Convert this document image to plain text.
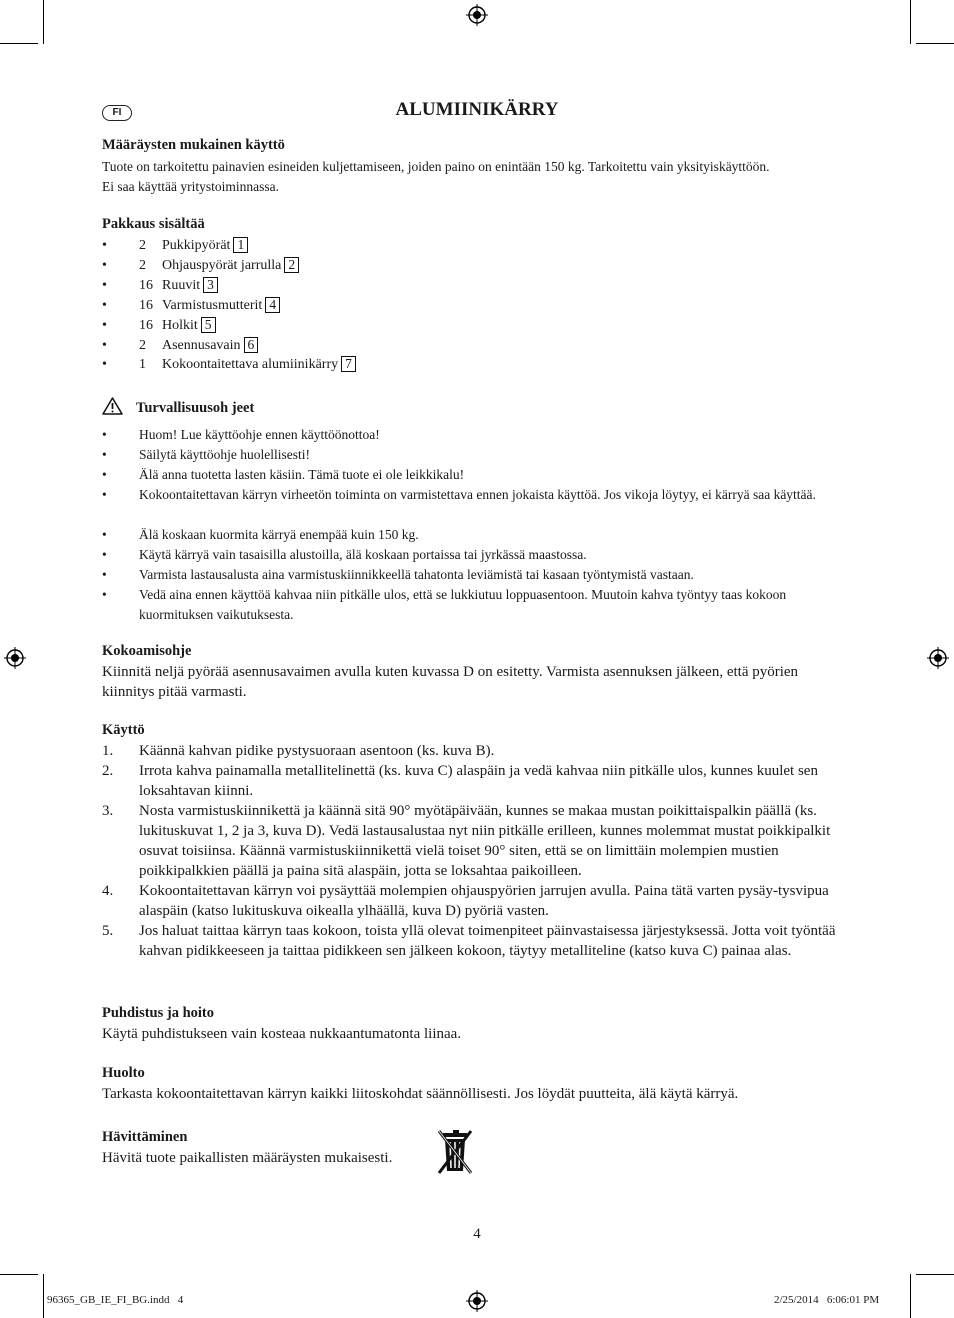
FI	ALUMIINIKÄRRY
Määräysten mukainen käyttö
Tuote on tarkoitettu painavien esineiden kuljettamiseen, joiden paino on enintään 150 kg. Tarkoitettu vain yksityiskäyttöön.
Ei saa käyttää yritystoiminnassa.
Pakkaus sisältää
• 2 Pukkipyörät 1
• 2 Ohjauspyörät jarrulla 2
• 16 Ruuvit 3
• 16 Varmistusmutterit 4
• 16 Holkit 5
• 2 Asennusavain 6
• 1 Kokoontaitettava alumiinikärry 7
Turvallisuusoh jeet
• Huom! Lue käyttöohje ennen käyttöönottoa!
• Säilytä käyttöohje huolellisesti!
• Älä anna tuotetta lasten käsiin. Tämä tuote ei ole leikkikalu!
• Kokoontaitettavan kärryn virheetön toiminta on varmistettava ennen jokaista käyttöä. Jos vikoja löytyy, ei kärryä saa käyttää.
• Älä koskaan kuormita kärryä enempää kuin 150 kg.
• Käytä kärryä vain tasaisilla alustoilla, älä koskaan portaissa tai jyrkässä maastossa.
• Varmista lastausalusta aina varmistuskiinnikkeellä tahatonta leviämistä tai kasaan työntymistä vastaan.
• Vedä aina ennen käyttöä kahvaa niin pitkälle ulos, että se lukkiutuu loppuasentoon. Muutoin kahva työntyy taas kokoon kuormituksen vaikutuksesta.
Kokoamisohje
Kiinnitä neljä pyörää asennusavaimen avulla kuten kuvassa D on esitetty. Varmista asennuksen jälkeen, että pyörien kiinnitys pitää varmasti.
Käyttö
1. Käännä kahvan pidike pystysuoraan asentoon (ks. kuva B).
2. Irrota kahva painamalla metallitelinettä (ks. kuva C) alaspäin ja vedä kahvaa niin pitkälle ulos, kunnes kuulet sen loksahtavan kiinni.
3. Nosta varmistuskiinnikettä ja käännä sitä 90° myötäpäivään, kunnes se makaa mustan poikittaispalkin päällä (ks. lukituskuvat 1, 2 ja 3, kuva D). Vedä lastausalustaa nyt niin pitkälle erilleen, kunnes molemmat mustat poikkipalkit osuvat toisiinsa. Käännä varmistuskiinnikettä vielä toiset 90° siten, että se on limittäin molempien mustien poikkipalkkien päällä ja paina sitä alaspäin, jotta se loksahtaa paikoilleen.
4. Kokoontaitettavan kärryn voi pysäyttää molempien ohjauspyörien jarrujen avulla. Paina tätä varten pysäy-tysvipua alaspäin (katso lukituskuva oikealla ylhäällä, kuva D) pyöriä vasten.
5. Jos haluat taittaa kärryn taas kokoon, toista yllä olevat toimenpiteet päinvastaisessa järjestyksessä. Jotta voit työntää kahvan pidikkeeseen ja taittaa pidikkeen sen jälkeen kokoon, täytyy metalliteline (katso kuva C) painaa alas.
Puhdistus ja hoito
Käytä puhdistukseen vain kosteaa nukkaantumatonta liinaa.
Huolto
Tarkasta kokoontaitettavan kärryn kaikki liitoskohdat säännöllisesti. Jos löydät puutteita, älä käytä kärryä.
Hävittäminen
Hävitä tuote paikallisten määräysten mukaisesti.
4
96365_GB_IE_FI_BG.indd   4	2/25/2014   6:06:01 PM
